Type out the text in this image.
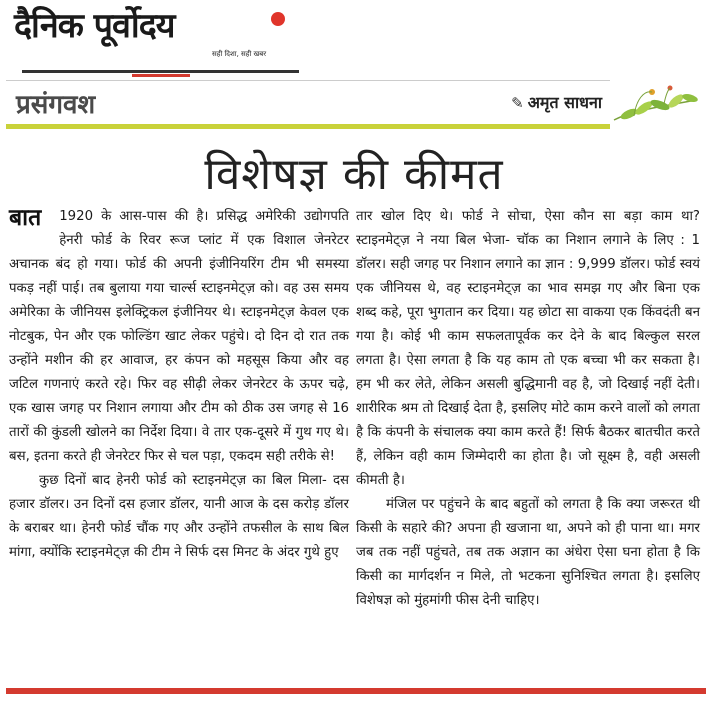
दैनिक पूर्वोदय
सही दिशा, सही खबर
प्रसंगवश	✎ अमृत साधना
विशेषज्ञ की कीमत

बात 1920 के आस-पास की है। प्रसिद्ध अमेरिकी उद्योगपति हेनरी फोर्ड के रिवर रूज प्लांट में एक विशाल जेनरेटर अचानक बंद हो गया। फोर्ड की अपनी इंजीनियरिंग टीम भी समस्या पकड़ नहीं पाई। तब बुलाया गया चार्ल्स स्टाइनमेट्ज़ को। वह उस समय अमेरिका के जीनियस इलेक्ट्रिकल इंजीनियर थे। स्टाइनमेट्ज़ केवल एक नोटबुक, पेन और एक फोल्डिंग खाट लेकर पहुंचे। दो दिन दो रात तक उन्होंने मशीन की हर आवाज, हर कंपन को महसूस किया और वह जटिल गणनाएं करते रहे। फिर वह सीढ़ी लेकर जेनरेटर के ऊपर चढ़े, एक खास जगह पर निशान लगाया और टीम को ठीक उस जगह से 16 तारों की कुंडली खोलने का निर्देश दिया। वे तार एक-दूसरे में गुथ गए थे। बस, इतना करते ही जेनरेटर फिर से चल पड़ा, एकदम सही तरीके से!

कुछ दिनों बाद हेनरी फोर्ड को स्टाइनमेट्ज़ का बिल मिला- दस हजार डॉलर। उन दिनों दस हजार डॉलर, यानी आज के दस करोड़ डॉलर के बराबर था। हेनरी फोर्ड चौंक गए और उन्होंने तफसील के साथ बिल मांगा, क्योंकि स्टाइनमेट्ज़ की टीम ने सिर्फ दस मिनट के अंदर गुथे हुए

तार खोल दिए थे। फोर्ड ने सोचा, ऐसा कौन सा बड़ा काम था? स्टाइनमेट्ज़ ने नया बिल भेजा- चॉक का निशान लगाने के लिए : 1 डॉलर। सही जगह पर निशान लगाने का ज्ञान : 9,999 डॉलर। फोर्ड स्वयं एक जीनियस थे, वह स्टाइनमेट्ज़ का भाव समझ गए और बिना एक शब्द कहे, पूरा भुगतान कर दिया। यह छोटा सा वाकया एक किंवदंती बन गया है। कोई भी काम सफलतापूर्वक कर देने के बाद बिल्कुल सरल लगता है। ऐसा लगता है कि यह काम तो एक बच्चा भी कर सकता है। हम भी कर लेते, लेकिन असली बुद्धिमानी वह है, जो दिखाई नहीं देती। शारीरिक श्रम तो दिखाई देता है, इसलिए मोटे काम करने वालों को लगता है कि कंपनी के संचालक क्या काम करते हैं! सिर्फ बैठकर बातचीत करते हैं, लेकिन वही काम जिम्मेदारी का होता है। जो सूक्ष्म है, वही असली कीमती है।

मंजिल पर पहुंचने के बाद बहुतों को लगता है कि क्या जरूरत थी किसी के सहारे की? अपना ही खजाना था, अपने को ही पाना था। मगर जब तक नहीं पहुंचते, तब तक अज्ञान का अंधेरा ऐसा घना होता है कि किसी का मार्गदर्शन न मिले, तो भटकना सुनिश्चित लगता है। इसलिए विशेषज्ञ को मुंहमांगी फीस देनी चाहिए।
